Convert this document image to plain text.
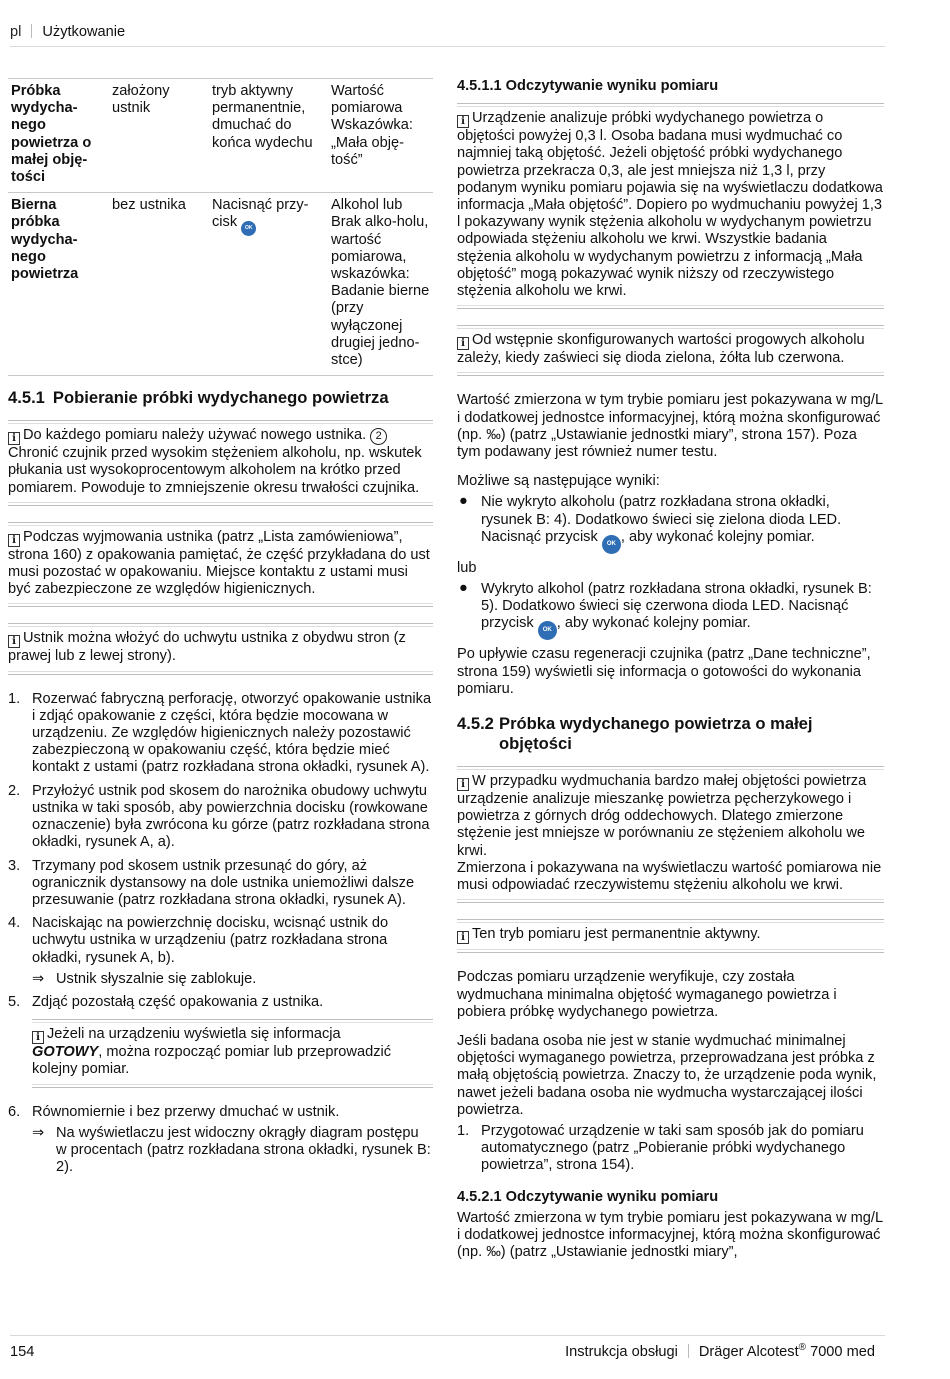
pl Użytkowanie
Próbka wydycha-nego powietrza o małej obję-tości	założony ustnik	tryb aktywny permanentnie, dmuchać do końca wydechu	Wartość pomiarowa Wskazówka: „Mała obję-tość”
Bierna próbka wydycha-nego powietrza	bez ustnika	Nacisnąć przy-cisk OK	Alkohol lub Brak alko-holu, wartość pomiarowa, wskazówka: Badanie bierne (przy wyłączonej drugiej jedno-stce)
4.5.1 Pobieranie próbki wydychanego powietrza
i Do każdego pomiaru należy używać nowego ustnika. 2 Chronić czujnik przed wysokim stężeniem alkoholu, np. wskutek płukania ust wysokoprocentowym alkoholem na krótko przed pomiarem. Powoduje to zmniejszenie okresu trwałości czujnika.
i Podczas wyjmowania ustnika (patrz „Lista zamówieniowa”, strona 160) z opakowania pamiętać, że część przykładana do ust musi pozostać w opakowaniu. Miejsce kontaktu z ustami musi być zabezpieczone ze względów higienicznych.
i Ustnik można włożyć do uchwytu ustnika z obydwu stron (z prawej lub z lewej strony).
1. Rozerwać fabryczną perforację, otworzyć opakowanie ustnika i zdjąć opakowanie z części, która będzie mocowana w urządzeniu. Ze względów higienicznych należy pozostawić zabezpieczoną w opakowaniu część, która będzie mieć kontakt z ustami (patrz rozkładana strona okładki, rysunek A).
2. Przyłożyć ustnik pod skosem do narożnika obudowy uchwytu ustnika w taki sposób, aby powierzchnia docisku (rowkowane oznaczenie) była zwrócona ku górze (patrz rozkładana strona okładki, rysunek A, a).
3. Trzymany pod skosem ustnik przesunąć do góry, aż ogranicznik dystansowy na dole ustnika uniemożliwi dalsze przesuwanie (patrz rozkładana strona okładki, rysunek A).
4. Naciskając na powierzchnię docisku, wcisnąć ustnik do uchwytu ustnika w urządzeniu (patrz rozkładana strona okładki, rysunek A, b).
⇒ Ustnik słyszalnie się zablokuje.
5. Zdjąć pozostałą część opakowania z ustnika.
i Jeżeli na urządzeniu wyświetla się informacja
GOTOWY, można rozpocząć pomiar lub przeprowadzić kolejny pomiar.
6. Równomiernie i bez przerwy dmuchać w ustnik.
⇒ Na wyświetlaczu jest widoczny okrągły diagram postępu w procentach (patrz rozkładana strona okładki, rysunek B: 2).
4.5.1.1 Odczytywanie wyniku pomiaru
i Urządzenie analizuje próbki wydychanego powietrza o objętości powyżej 0,3 l. Osoba badana musi wydmuchać co najmniej taką objętość. Jeżeli objętość próbki wydychanego powietrza przekracza 0,3, ale jest mniejsza niż 1,3 l, przy podanym wyniku pomiaru pojawia się na wyświetlaczu dodatkowa informacja „Mała objętość”. Dopiero po wydmuchaniu powyżej 1,3 l pokazywany wynik stężenia alkoholu w wydychanym powietrzu odpowiada stężeniu alkoholu we krwi. Wszystkie badania stężenia alkoholu w wydychanym powietrzu z informacją „Mała objętość” mogą pokazywać wynik niższy od rzeczywistego stężenia alkoholu we krwi.
i Od wstępnie skonfigurowanych wartości progowych alkoholu zależy, kiedy zaświeci się dioda zielona, żółta lub czerwona.

Wartość zmierzona w tym trybie pomiaru jest pokazywana w mg/L i dodatkowej jednostce informacyjnej, którą można skonfigurować (np. ‰) (patrz „Ustawianie jednostki miary”, strona 157). Poza tym podawany jest również numer testu.

Możliwe są następujące wyniki:

● Nie wykryto alkoholu (patrz rozkładana strona okładki, rysunek B: 4). Dodatkowo świeci się zielona dioda LED. Nacisnąć przycisk OK , aby wykonać kolejny pomiar.

lub

● Wykryto alkohol (patrz rozkładana strona okładki, rysunek B: 5). Dodatkowo świeci się czerwona dioda LED. Nacisnąć przycisk OK , aby wykonać kolejny pomiar.

Po upływie czasu regeneracji czujnika (patrz „Dane techniczne”, strona 159) wyświetli się informacja o gotowości do wykonania pomiaru.

4.5.2 Próbka wydychanego powietrza o małej objętości
i W przypadku wydmuchania bardzo małej objętości powietrza urządzenie analizuje mieszankę powietrza pęcherzykowego i powietrza z górnych dróg oddechowych. Dlatego zmierzone stężenie jest mniejsze w porównaniu ze stężeniem alkoholu we krwi.
Zmierzona i pokazywana na wyświetlaczu wartość pomiarowa nie musi odpowiadać rzeczywistemu stężeniu alkoholu we krwi.
i Ten tryb pomiaru jest permanentnie aktywny.

Podczas pomiaru urządzenie weryfikuje, czy została wydmuchana minimalna objętość wymaganego powietrza i pobiera próbkę wydychanego powietrza.

Jeśli badana osoba nie jest w stanie wydmuchać minimalnej objętości wymaganego powietrza, przeprowadzana jest próbka z małą objętością powietrza. Znaczy to, że urządzenie poda wynik, nawet jeżeli badana osoba nie wydmucha wystarczającej ilości powietrza.

1. Przygotować urządzenie w taki sam sposób jak do pomiaru automatycznego (patrz „Pobieranie próbki wydychanego powietrza”, strona 154).
4.5.2.1 Odczytywanie wyniku pomiaru

Wartość zmierzona w tym trybie pomiaru jest pokazywana w mg/L i dodatkowej jednostce informacyjnej, którą można skonfigurować (np. ‰) (patrz „Ustawianie jednostki miary”,

154	Instrukcja obsługi Dräger Alcotest® 7000 med
